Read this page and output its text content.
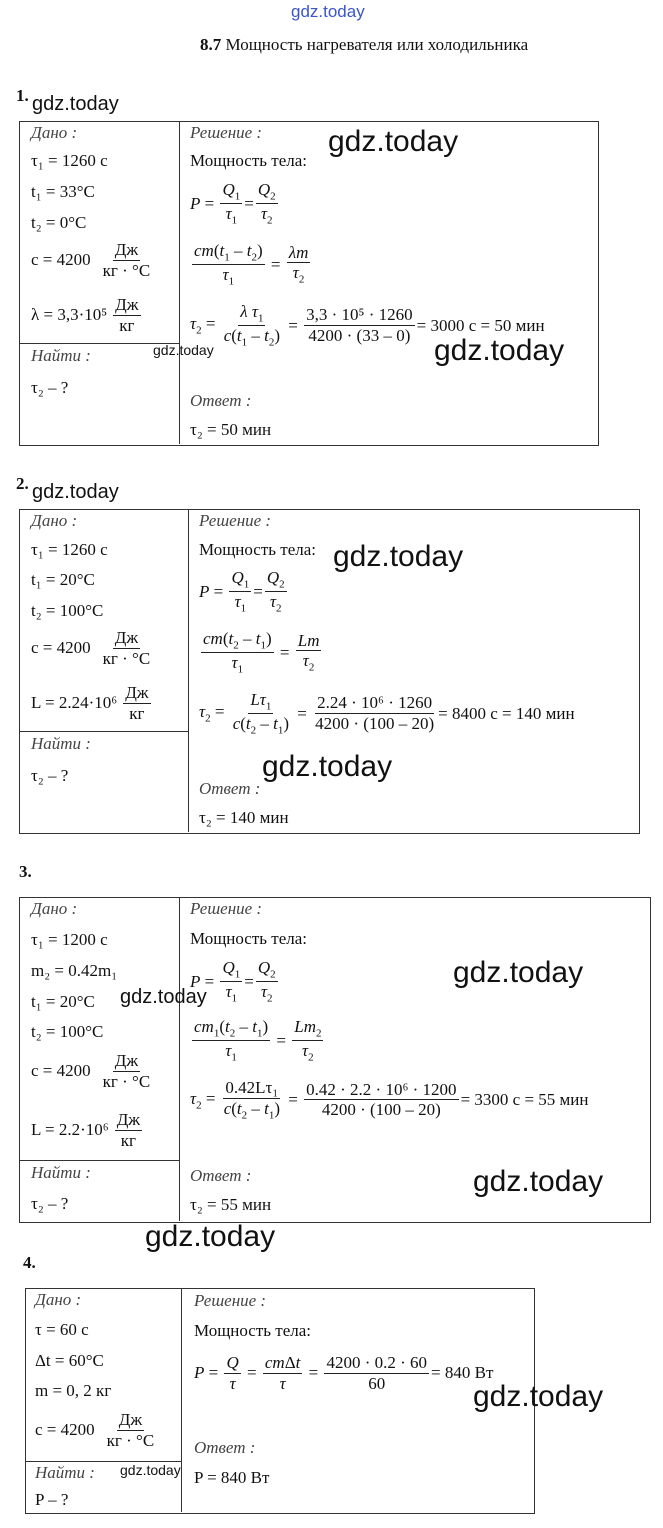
gdz.today
8.7 Мощность нагревателя или холодильника
1. gdz.today
Дано :
τ₁ = 1260 с
t₁ = 33°C
t₂ = 0°C
$c = 4200 \frac{Дж}{кг \cdot ^\circ C}$
$\lambda = 3,3\cdot 10^5 \frac{Дж}{кг}$
Найти :
τ₂ – ?
Решение :
Мощность тела:
$P = \frac{Q_1}{\tau_1} = \frac{Q_2}{\tau_2}$
$\frac{cm(t_1 - t_2)}{\tau_1} = \frac{\lambda m}{\tau_2}$
$\tau_2 = \frac{\lambda \tau_1}{c(t_1 - t_2)} = \frac{\text{3,3 · 10⁵ · 1260}}{4200 \cdot (33 - 0)} = 3000$ с = 50 мин
Ответ :
τ₂ = 50 мин
gdz.today
gdz.today
gdz.today
2. gdz.today
Дано :
τ₁ = 1260 с
t₁ = 20°C
t₂ = 100°C
$c = 4200 \frac{Дж}{кг \cdot ^\circ C}$
$L = 2.24\cdot 10^6 \frac{Дж}{кг}$
Найти :
τ₂ – ?
Решение :
Мощность тела:
$P = \frac{Q_1}{\tau_1} = \frac{Q_2}{\tau_2}$
$\frac{cm(t_2 - t_1)}{\tau_1} = \frac{Lm}{\tau_2}$
$\tau_2 = \frac{L\tau_1}{c(t_2 - t_1)} = \frac{\text{2.24 · 10⁶ · 1260}}{4200 \cdot (100 - 20)} = 8400$ с = 140 мин
Ответ :
τ₂ = 140 мин
gdz.today
gdz.today
3.
Дано :
τ₁ = 1200 с
m₂ = 0.42m₁
t₁ = 20°C
t₂ = 100°C
$c = 4200 \frac{Дж}{кг \cdot ^\circ C}$
$L = 2.2\cdot 10^6 \frac{Дж}{кг}$
Найти :
τ₂ – ?
Решение :
Мощность тела:
$P = \frac{Q_1}{\tau_1} = \frac{Q_2}{\tau_2}$
$\frac{cm_1(t_2 - t_1)}{\tau_1} = \frac{Lm_2}{\tau_2}$
$\tau_2 = \frac{\text{0.42Lτ₁}}{c(t_2 - t_1)} = \frac{\text{0.42 · 2.2 · 10⁶ · 1200}}{4200 \cdot (100 - 20)} = 3300$ с = 55 мин
Ответ :
τ₂ = 55 мин
gdz.today
gdz.today
gdz.today
gdz.today
4.
Дано :
τ = 60 с
Δt = 60°C
m = 0, 2 кг
$c = 4200 \frac{Дж}{кг \cdot ^\circ C}$
Найти :
P – ?
Решение :
Мощность тела:
$P = \frac{Q}{\tau} = \frac{\text{cmΔt}}{\tau} = \frac{4200 \cdot 0.2 \cdot 60}{60} = 840$ Вт
Ответ :
P = 840 Вт
gdz.today
gdz.today
